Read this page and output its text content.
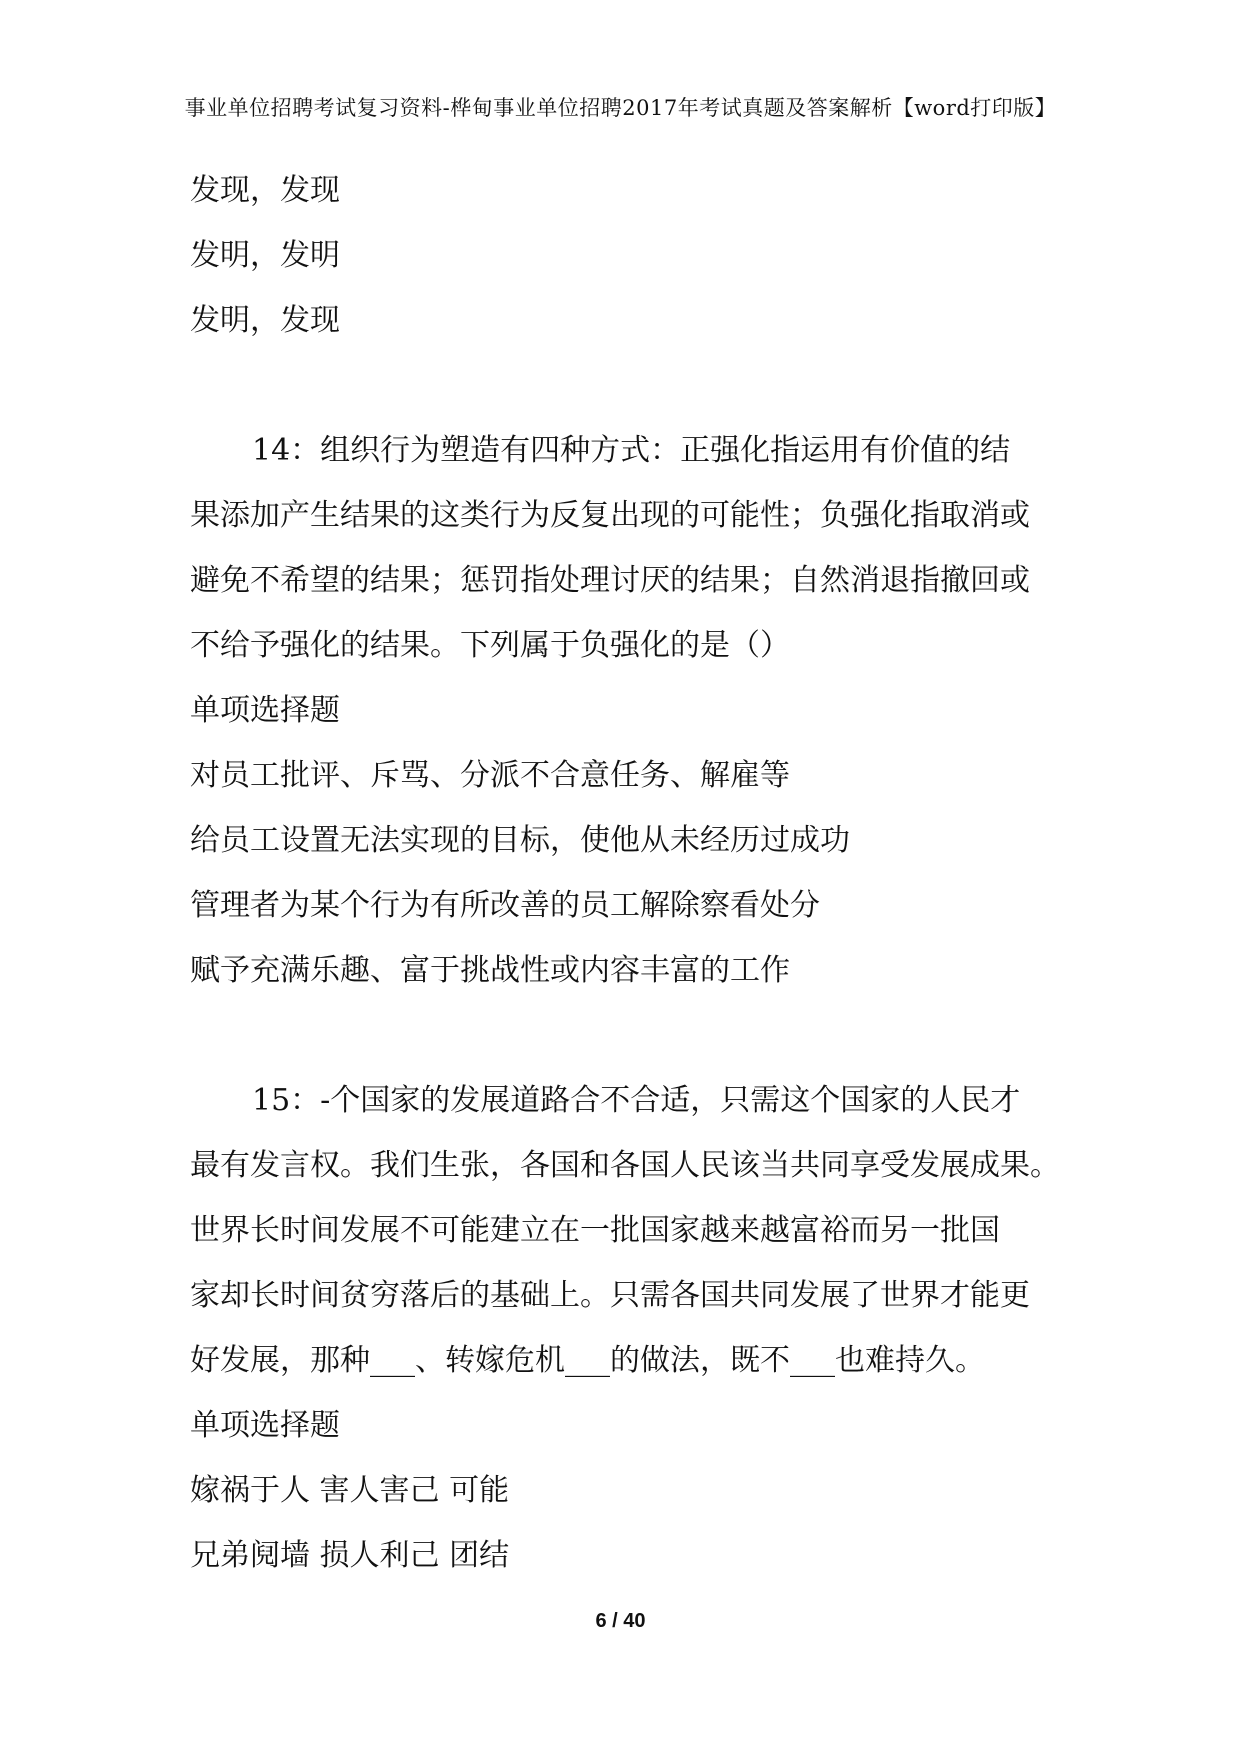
事业单位招聘考试复习资料-桦甸事业单位招聘2017年考试真题及答案解析【word打印版】
发现，发现
发明，发明
发明，发现
14：组织行为塑造有四种方式：正强化指运用有价值的结
果添加产生结果的这类行为反复出现的可能性；负强化指取消或
避免不希望的结果；惩罚指处理讨厌的结果；自然消退指撤回或
不给予强化的结果。下列属于负强化的是（）
单项选择题
对员工批评、斥骂、分派不合意任务、解雇等
给员工设置无法实现的目标，使他从未经历过成功
管理者为某个行为有所改善的员工解除察看处分
赋予充满乐趣、富于挑战性或内容丰富的工作
15：-个国家的发展道路合不合适，只需这个国家的人民才
最有发言权。我们生张，各国和各国人民该当共同享受发展成果。
世界长时间发展不可能建立在一批国家越来越富裕而另一批国
家却长时间贫穷落后的基础上。只需各国共同发展了世界才能更
好发展，那种___、转嫁危机___的做法，既不___也难持久。
单项选择题
嫁祸于人 害人害己 可能
兄弟阋墙 损人利己 团结
6 / 40
